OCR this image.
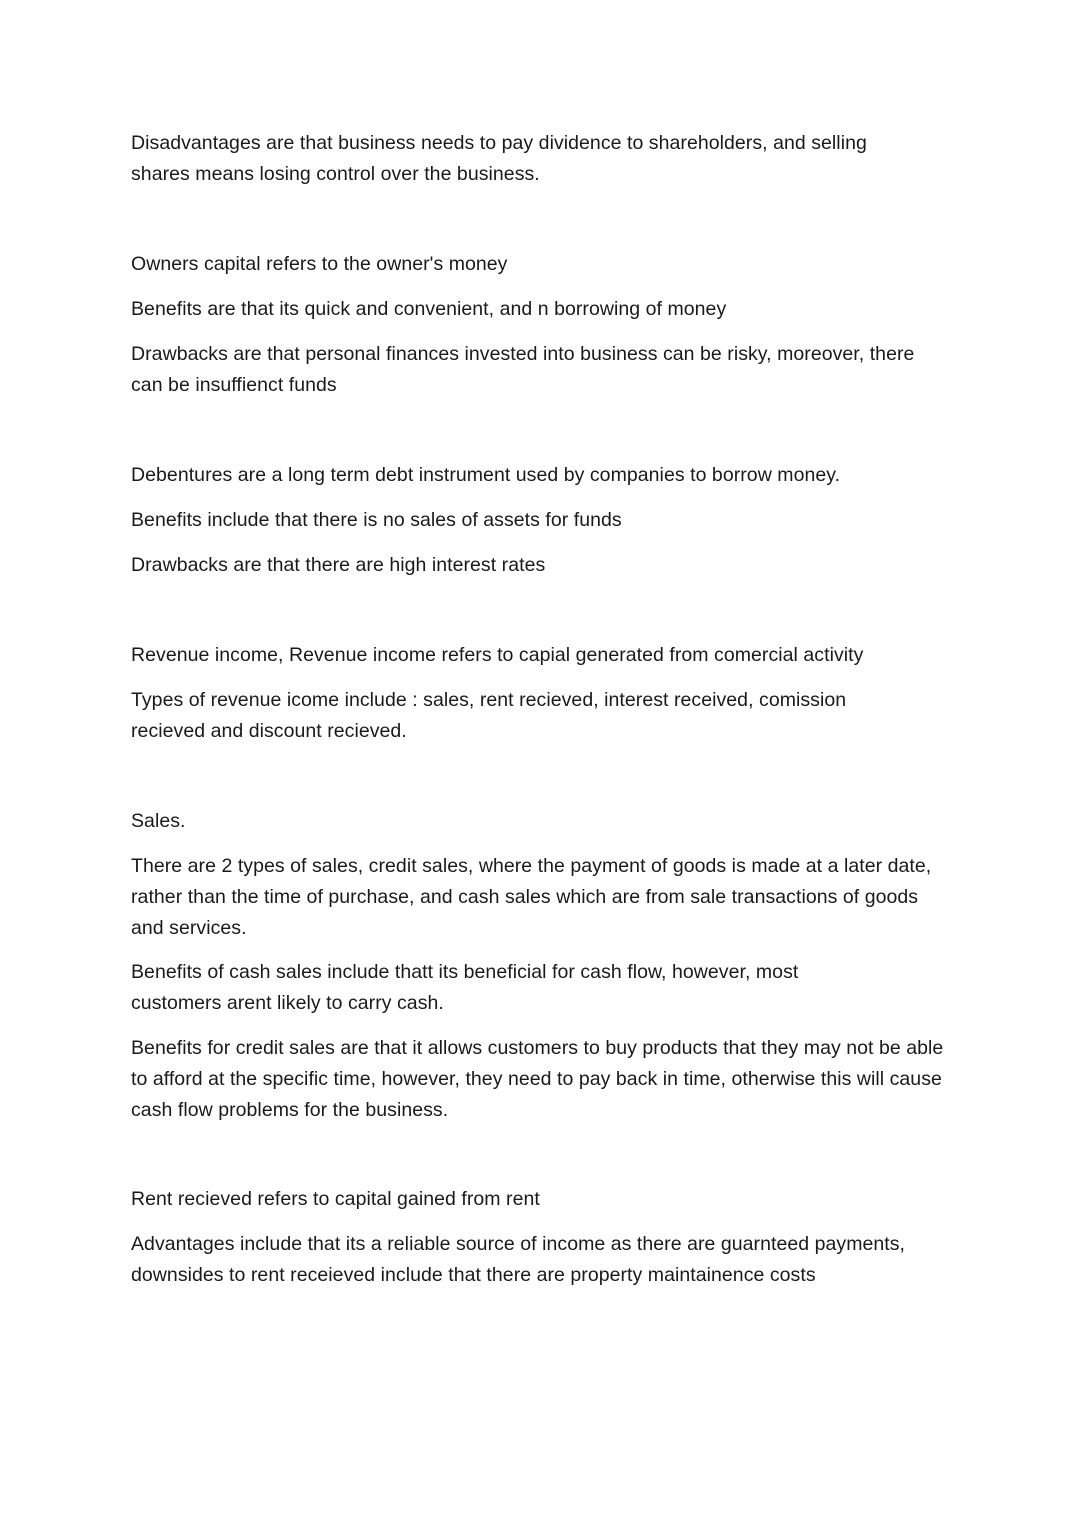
Disadvantages are that business needs to pay dividence to shareholders, and selling shares means losing control over the business.

Owners capital refers to the owner's money

Benefits are that its quick and convenient, and n borrowing of money

Drawbacks are that personal finances invested into business can be risky, moreover, there can be insuffienct funds

Debentures are a long term debt instrument used by companies to borrow money.

Benefits include that there is no sales of assets for funds

Drawbacks are that there are high interest rates

Revenue income, Revenue income refers to capial generated from comercial activity

Types of revenue icome include : sales, rent recieved, interest received, comission recieved and discount recieved.

Sales.

There are 2 types of sales, credit sales, where the payment of goods is made at a later date, rather than the time of purchase, and cash sales which are from sale transactions of goods and services.

Benefits of cash sales include thatt its beneficial for cash flow, however, most customers arent likely to carry cash.

Benefits for credit sales are that it allows customers to buy products that they may not be able to afford at the specific time, however, they need to pay back in time, otherwise this will cause cash flow problems for the business.

Rent recieved refers to capital gained from rent

Advantages include that its a reliable source of income as there are guarnteed payments, downsides to rent receieved include that there are property maintainence costs
